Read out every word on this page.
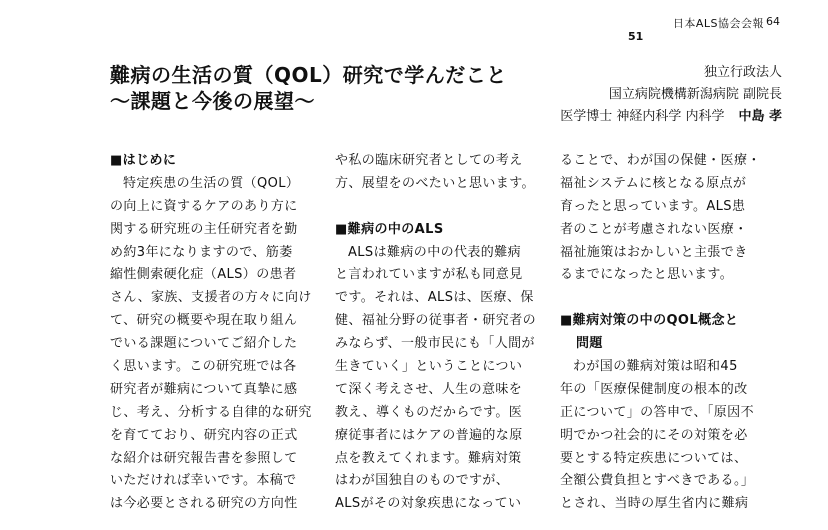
日本ALS協会会報 64
51
難病の生活の質（QOL）研究で学んだこと
～課題と今後の展望～
独立行政法人
国立病院機構新潟病院 副院長
医学博士 神経内科学 内科学 中島 孝
■はじめに
特定疾患の生活の質（QOL）
の向上に資するケアのあり方に
関する研究班の主任研究者を勤
め約3年になりますので、筋萎
縮性側索硬化症（ALS）の患者
さん、家族、支援者の方々に向け
て、研究の概要や現在取り組ん
でいる課題についてご紹介した
く思います。この研究班では各
研究者が難病について真摯に感
じ、考え、分析する自律的な研究
を育てており、研究内容の正式
な紹介は研究報告書を参照して
いただければ幸いです。本稿で
は今必要とされる研究の方向性
や私の臨床研究者としての考え
方、展望をのべたいと思います。
■難病の中のALS
ALSは難病の中の代表的難病
と言われていますが私も同意見
です。それは、ALSは、医療、保
健、福祉分野の従事者・研究者の
みならず、一般市民にも「人間が
生きていく」ということについ
て深く考えさせ、人生の意味を
教え、導くものだからです。医
療従事者にはケアの普遍的な原
点を教えてくれます。難病対策
はわが国独自のものですが、
ALSがその対象疾患になってい
ることで、わが国の保健・医療・
福祉システムに核となる原点が
育ったと思っています。ALS患
者のことが考慮されない医療・
福祉施策はおかしいと主張でき
るまでになったと思います。
■難病対策の中のQOL概念と
問題
わが国の難病対策は昭和45
年の「医療保健制度の根本的改
正について」の答申で、「原因不
明でかつ社会的にその対策を必
要とする特定疾患については、
全額公費負担とすべきである。」
とされ、当時の厚生省内に難病
